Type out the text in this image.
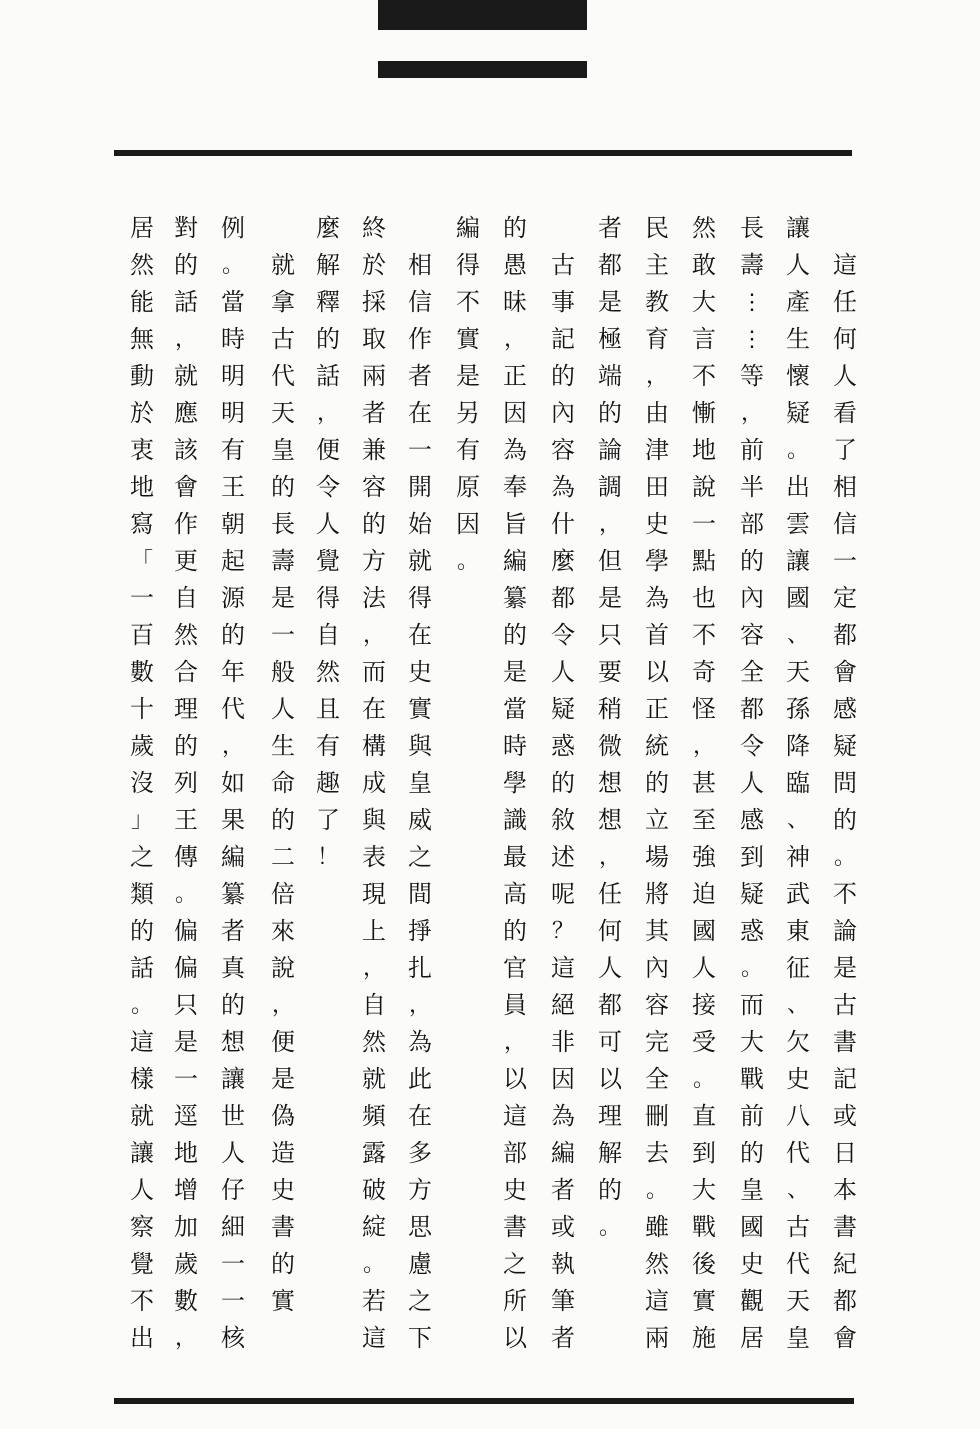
這
任
何
人
看
了
相
信
一
定
都
會
感
疑
問
的
。
不
論
是
古
書
記
或
日
本
書
紀
都
會
讓
人
產
生
懷
疑
。
出
雲
讓
國
、
天
孫
降
臨
、
神
武
東
征
、
欠
史
八
代
、
古
代
天
皇
長
壽
⋮
⋮
等
，
前
半
部
的
內
容
全
都
令
人
感
到
疑
惑
。
而
大
戰
前
的
皇
國
史
觀
居
然
敢
大
言
不
慚
地
說
一
點
也
不
奇
怪
，
甚
至
強
迫
國
人
接
受
。
直
到
大
戰
後
實
施
民
主
教
育
，
由
津
田
史
學
為
首
以
正
統
的
立
場
將
其
內
容
完
全
刪
去
。
雖
然
這
兩
者
都
是
極
端
的
論
調
，
但
是
只
要
稍
微
想
想
，
任
何
人
都
可
以
理
解
的
。
古
事
記
的
內
容
為
什
麼
都
令
人
疑
惑
的
敘
述
呢
？
這
絕
非
因
為
編
者
或
執
筆
者
的
愚
昧
，
正
因
為
奉
旨
編
纂
的
是
當
時
學
識
最
高
的
官
員
，
以
這
部
史
書
之
所
以
編
得
不
實
是
另
有
原
因
。
相
信
作
者
在
一
開
始
就
得
在
史
實
與
皇
威
之
間
掙
扎
，
為
此
在
多
方
思
慮
之
下
終
於
採
取
兩
者
兼
容
的
方
法
，
而
在
構
成
與
表
現
上
，
自
然
就
頻
露
破
綻
。
若
這
麼
解
釋
的
話
，
便
令
人
覺
得
自
然
且
有
趣
了
！
就
拿
古
代
天
皇
的
長
壽
是
一
般
人
生
命
的
二
倍
來
說
，
便
是
偽
造
史
書
的
實
例
。
當
時
明
明
有
王
朝
起
源
的
年
代
，
如
果
編
纂
者
真
的
想
讓
世
人
仔
細
一
一
核
對
的
話
，
就
應
該
會
作
更
自
然
合
理
的
列
王
傳
。
偏
偏
只
是
一
逕
地
增
加
歲
數
，
居
然
能
無
動
於
衷
地
寫
「
一
百
數
十
歲
沒
」
之
類
的
話
。
這
樣
就
讓
人
察
覺
不
出
